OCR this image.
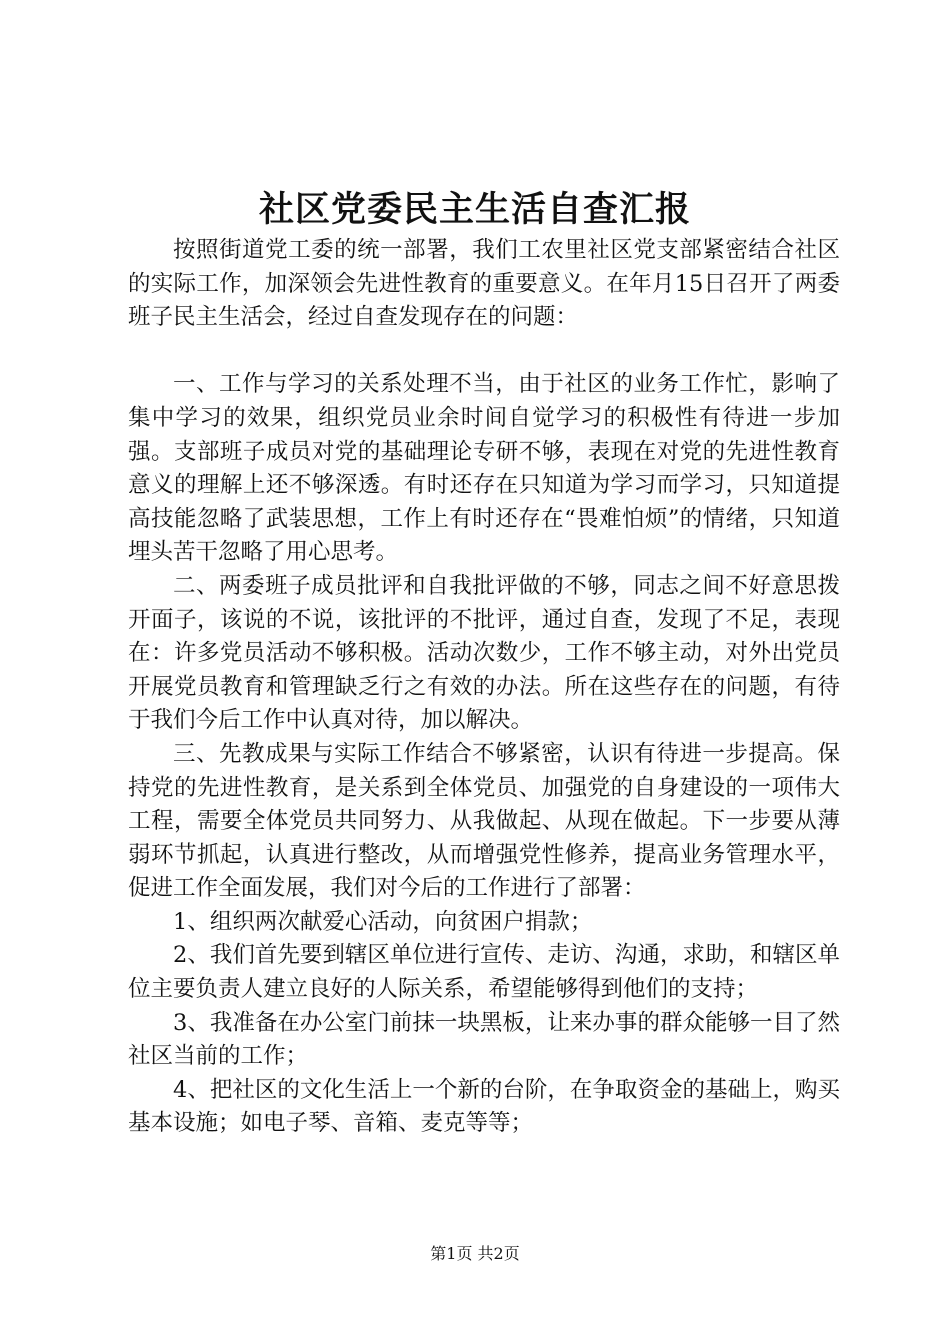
社区党委民主生活自查汇报

按照街道党工委的统一部署，我们工农里社区党支部紧密结合社区的实际工作，加深领会先进性教育的重要意义。在年月15日召开了两委班子民主生活会，经过自查发现存在的问题：

一、工作与学习的关系处理不当，由于社区的业务工作忙，影响了集中学习的效果，组织党员业余时间自觉学习的积极性有待进一步加强。支部班子成员对党的基础理论专研不够，表现在对党的先进性教育意义的理解上还不够深透。有时还存在只知道为学习而学习，只知道提高技能忽略了武装思想，工作上有时还存在“畏难怕烦”的情绪，只知道埋头苦干忽略了用心思考。

二、两委班子成员批评和自我批评做的不够，同志之间不好意思拨开面子，该说的不说，该批评的不批评，通过自查，发现了不足，表现在：许多党员活动不够积极。活动次数少，工作不够主动，对外出党员开展党员教育和管理缺乏行之有效的办法。所在这些存在的问题，有待于我们今后工作中认真对待，加以解决。

三、先教成果与实际工作结合不够紧密，认识有待进一步提高。保持党的先进性教育，是关系到全体党员、加强党的自身建设的一项伟大工程，需要全体党员共同努力、从我做起、从现在做起。下一步要从薄弱环节抓起，认真进行整改，从而增强党性修养，提高业务管理水平，促进工作全面发展，我们对今后的工作进行了部署：

1、组织两次献爱心活动，向贫困户捐款；

2、我们首先要到辖区单位进行宣传、走访、沟通，求助，和辖区单位主要负责人建立良好的人际关系，希望能够得到他们的支持；

3、我准备在办公室门前抹一块黑板，让来办事的群众能够一目了然社区当前的工作；

4、把社区的文化生活上一个新的台阶，在争取资金的基础上，购买基本设施；如电子琴、音箱、麦克等等；

第1页 共2页
